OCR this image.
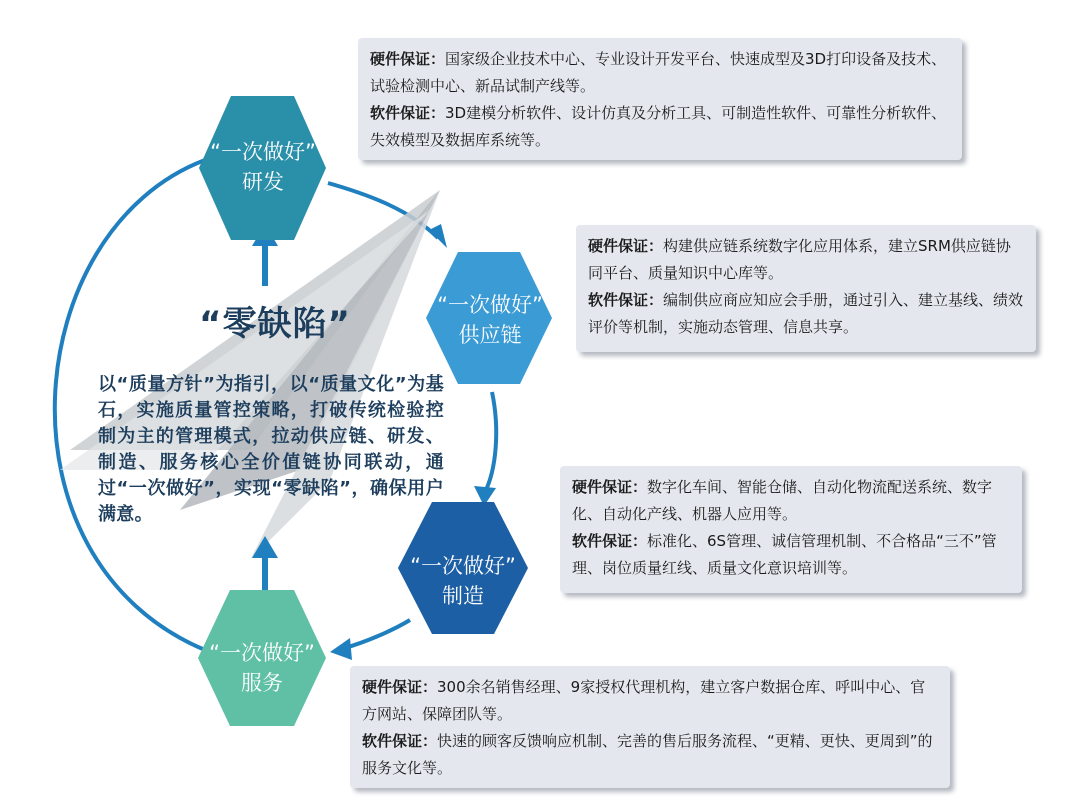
“一次做好”
研发
“一次做好”
供应链
“一次做好”
制造
“一次做好”
服务
“零缺陷”
以“质量方针”为指引，以“质量文化”为基石，实施质量管控策略，打破传统检验控制为主的管理模式，拉动供应链、研发、制造、服务核心全价值链协同联动，通过“一次做好”，实现“零缺陷”，确保用户满意。

硬件保证：国家级企业技术中心、专业设计开发平台、快速成型及3D打印设备及技术、试验检测中心、新品试制产线等。

软件保证：3D建模分析软件、设计仿真及分析工具、可制造性软件、可靠性分析软件、失效模型及数据库系统等。

硬件保证：构建供应链系统数字化应用体系，建立SRM供应链协同平台、质量知识中心库等。

软件保证：编制供应商应知应会手册，通过引入、建立基线、绩效评价等机制，实施动态管理、信息共享。

硬件保证：数字化车间、智能仓储、自动化物流配送系统、数字化、自动化产线、机器人应用等。

软件保证：标准化、6S管理、诚信管理机制、不合格品“三不”管理、岗位质量红线、质量文化意识培训等。

硬件保证：300余名销售经理、9家授权代理机构，建立客户数据仓库、呼叫中心、官方网站、保障团队等。

软件保证：快速的顾客反馈响应机制、完善的售后服务流程、“更精、更快、更周到”的服务文化等。
